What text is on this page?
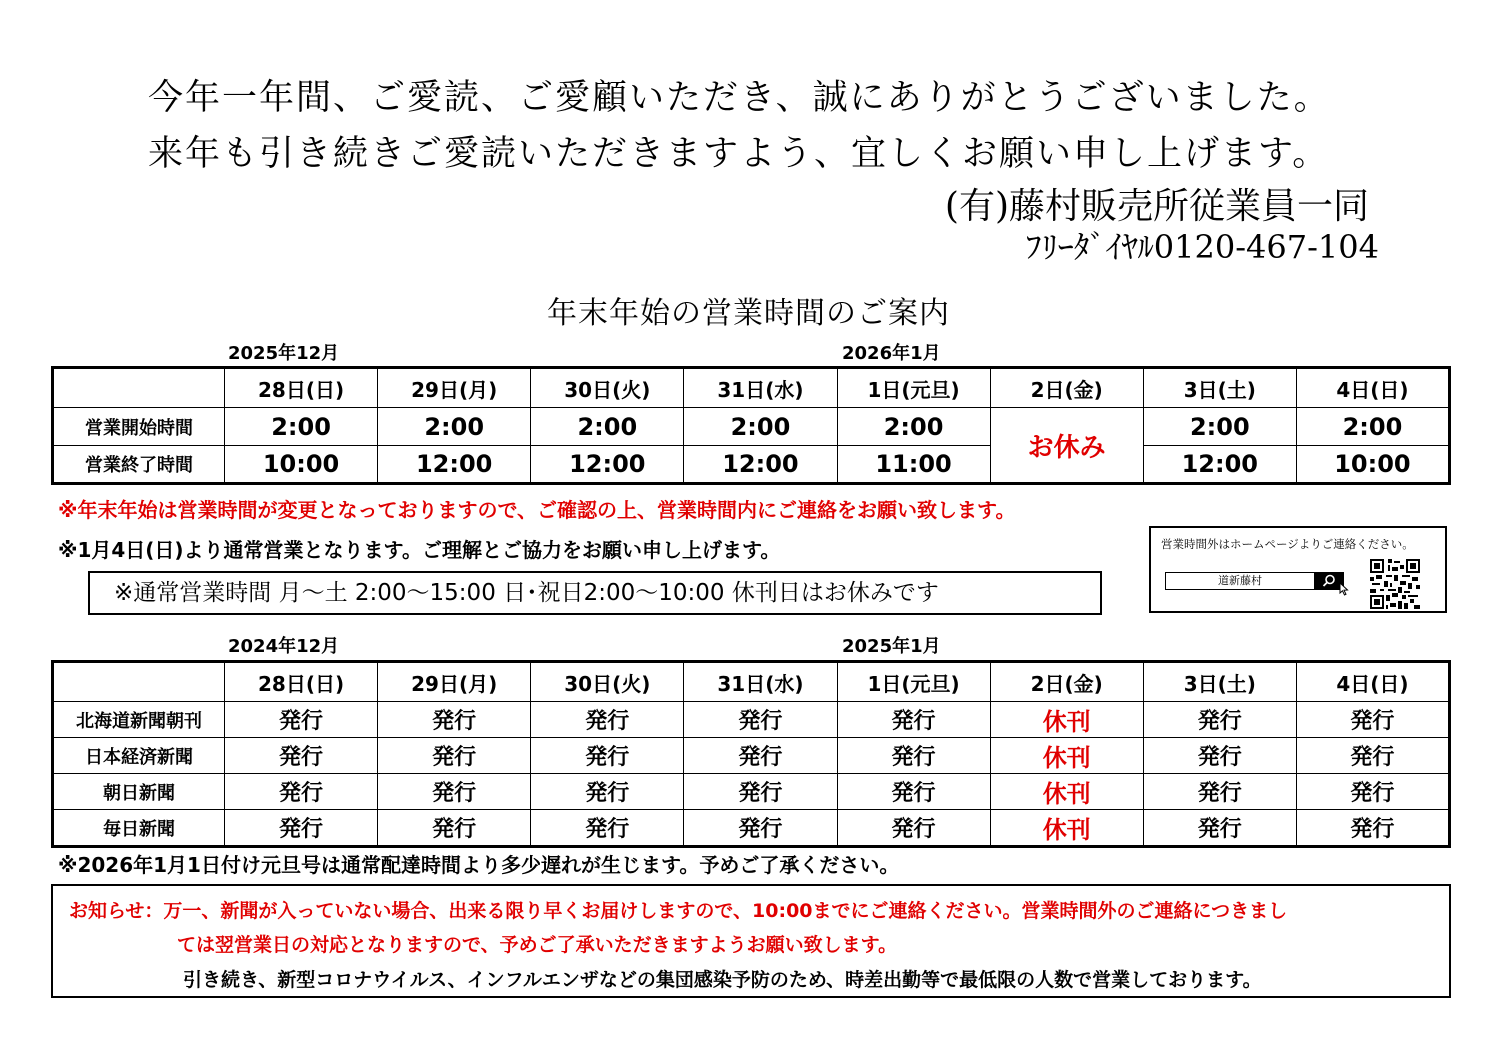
今年一年間、ご愛読、ご愛顧いただき、誠にありがとうございました。
来年も引き続きご愛読いただきますよう、宜しくお願い申し上げます。
(有)藤村販売所従業員一同
ﾌﾘｰﾀﾞｲﾔﾙ0120-467-104
年末年始の営業時間のご案内
2025年12月	2026年1月
	28日(日)	29日(月)	30日(火)	31日(水)	1日(元旦)	2日(金)	3日(土)	4日(日)
営業開始時間	2:00	2:00	2:00	2:00	2:00	お休み	2:00	2:00
営業終了時間	10:00	12:00	12:00	12:00	11:00		12:00	10:00
※年末年始は営業時間が変更となっておりますので、ご確認の上、営業時間内にご連絡をお願い致します。
※1月4日(日)より通常営業となります。ご理解とご協力をお願い申し上げます。
※通常営業時間 月～土 2:00～15:00 日･祝日2:00～10:00 休刊日はお休みです
営業時間外はホームページよりご連絡ください。
道新藤村
2024年12月	2025年1月
	28日(日)	29日(月)	30日(火)	31日(水)	1日(元旦)	2日(金)	3日(土)	4日(日)
北海道新聞朝刊	発行	発行	発行	発行	発行	休刊	発行	発行
日本経済新聞	発行	発行	発行	発行	発行	休刊	発行	発行
朝日新聞	発行	発行	発行	発行	発行	休刊	発行	発行
毎日新聞	発行	発行	発行	発行	発行	休刊	発行	発行
※2026年1月1日付け元旦号は通常配達時間より多少遅れが生じます。予めご了承ください。
お知らせ：万一、新聞が入っていない場合、出来る限り早くお届けしますので、10:00までにご連絡ください。営業時間外のご連絡につきまし
ては翌営業日の対応となりますので、予めご了承いただきますようお願い致します。
引き続き、新型コロナウイルス、インフルエンザなどの集団感染予防のため、時差出勤等で最低限の人数で営業しております。
